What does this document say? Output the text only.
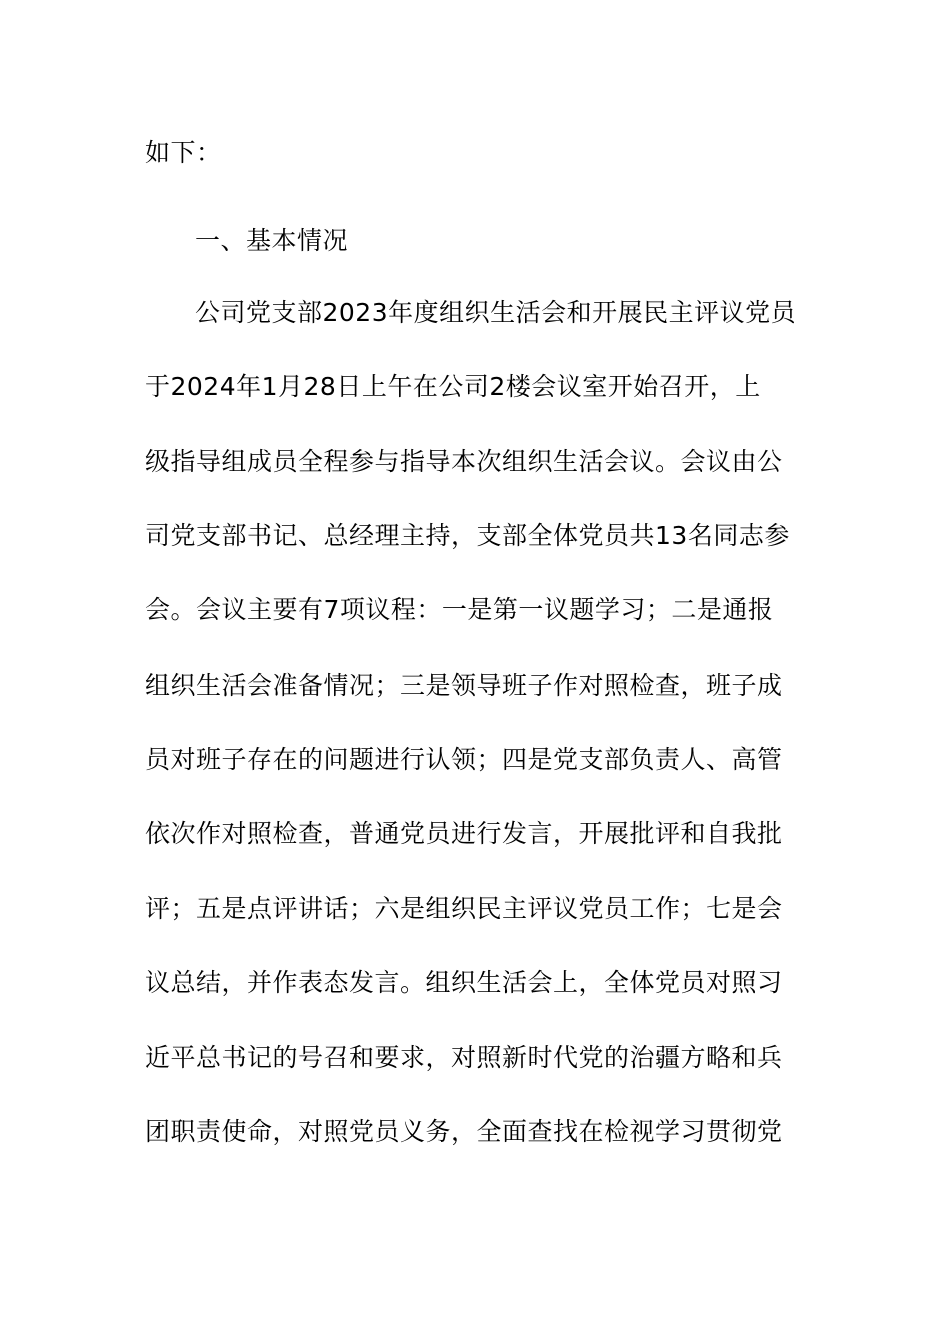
如下：
一、基本情况
公司党支部2023年度组织生活会和开展民主评议党员
于2024年1月28日上午在公司2楼会议室开始召开，上
级指导组成员全程参与指导本次组织生活会议。会议由公
司党支部书记、总经理主持，支部全体党员共13名同志参
会。会议主要有7项议程：一是第一议题学习；二是通报
组织生活会准备情况；三是领导班子作对照检查，班子成
员对班子存在的问题进行认领；四是党支部负责人、高管
依次作对照检查，普通党员进行发言，开展批评和自我批
评；五是点评讲话；六是组织民主评议党员工作；七是会
议总结，并作表态发言。组织生活会上，全体党员对照习
近平总书记的号召和要求，对照新时代党的治疆方略和兵
团职责使命，对照党员义务，全面查找在检视学习贯彻党
